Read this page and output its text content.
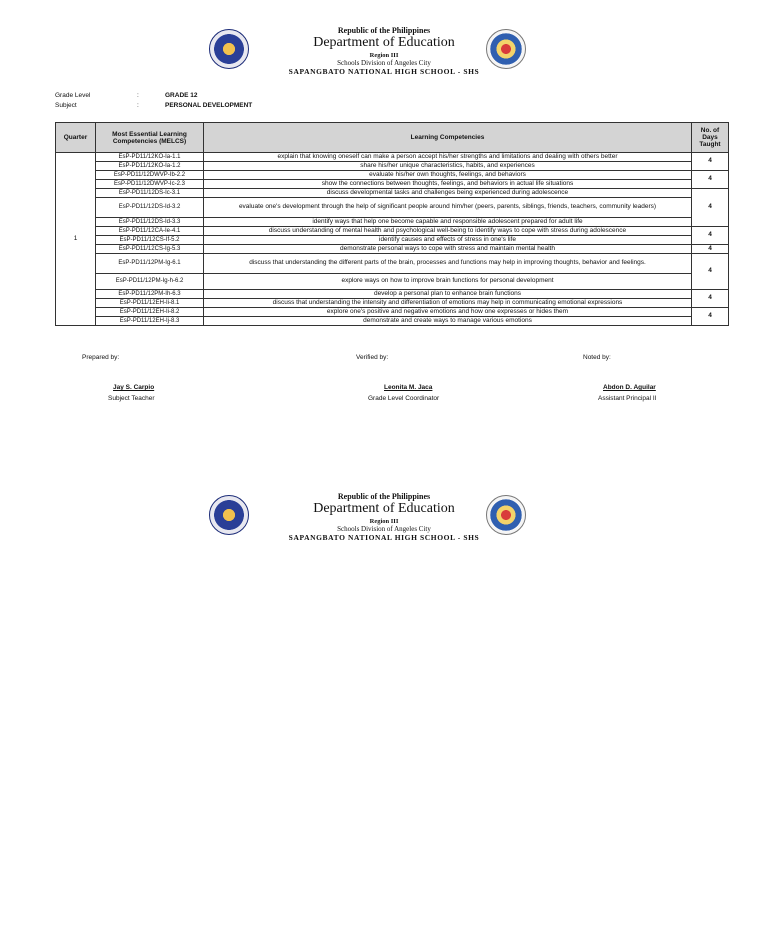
Republic of the Philippines
Department of Education
Region III
Schools Division of Angeles City
SAPANGBATO NATIONAL HIGH SCHOOL - SHS
Grade Level	:	GRADE 12
Subject	:	PERSONAL DEVELOPMENT
Quarter	Most Essential Learning Competencies (MELCS)	Learning Competencies	No. of Days Taught
1	EsP-PD11/12KO-Ia-1.1	explain that knowing oneself can make a person accept his/her strengths and limitations and dealing with others better	4
	EsP-PD11/12KO-Ia-1.2	share his/her unique characteristics, habits, and experiences	
	EsP-PD11/12DWVP-Ib-2.2	evaluate his/her own thoughts, feelings, and behaviors	4
	EsP-PD11/12DWVP-Ic-2.3	show the connections between thoughts, feelings, and behaviors in actual life situations	
	EsP-PD11/12DS-Ic-3.1	discuss developmental tasks and challenges being experienced during adolescence	4
	EsP-PD11/12DS-Id-3.2	evaluate one's development through the help of significant people around him/her (peers, parents, siblings, friends, teachers, community leaders)	
	EsP-PD11/12DS-Id-3.3	identify ways that help one become capable and responsible adolescent prepared for adult life	
	EsP-PD11/12CA-Ie-4.1	discuss understanding of mental health and psychological well-being to identify ways to cope with stress during adolescence	4
	EsP-PD11/12CS-If-5.2	identify causes and effects of stress in one's life	
	EsP-PD11/12CS-Ig-5.3	demonstrate personal ways to cope with stress and maintain mental health	4
	EsP-PD11/12PM-Ig-6.1	discuss that understanding the different parts of the brain, processes and functions may help in improving thoughts, behavior and feelings.	4
	EsP-PD11/12PM-Ig-h-6.2	explore ways on how to improve brain functions for personal development	
	EsP-PD11/12PM-Ih-6.3	develop a personal plan to enhance brain functions	4
	EsP-PD11/12EH-Ii-8.1	discuss that understanding the intensity and differentiation of emotions may help in communicating emotional expressions	
	EsP-PD11/12EH-Ii-8.2	explore one's positive and negative emotions and how one expresses or hides them	4
	EsP-PD11/12EH-Ij-8.3	demonstrate and create ways to manage various emotions	
Prepared by:	Verified by:	Noted by:
Jay S. Carpio
Subject Teacher
Leonita M. Jaca
Grade Level Coordinator
Abdon D. Aguilar
Assistant Principal II
Republic of the Philippines
Department of Education
Region III
Schools Division of Angeles City
SAPANGBATO NATIONAL HIGH SCHOOL - SHS
